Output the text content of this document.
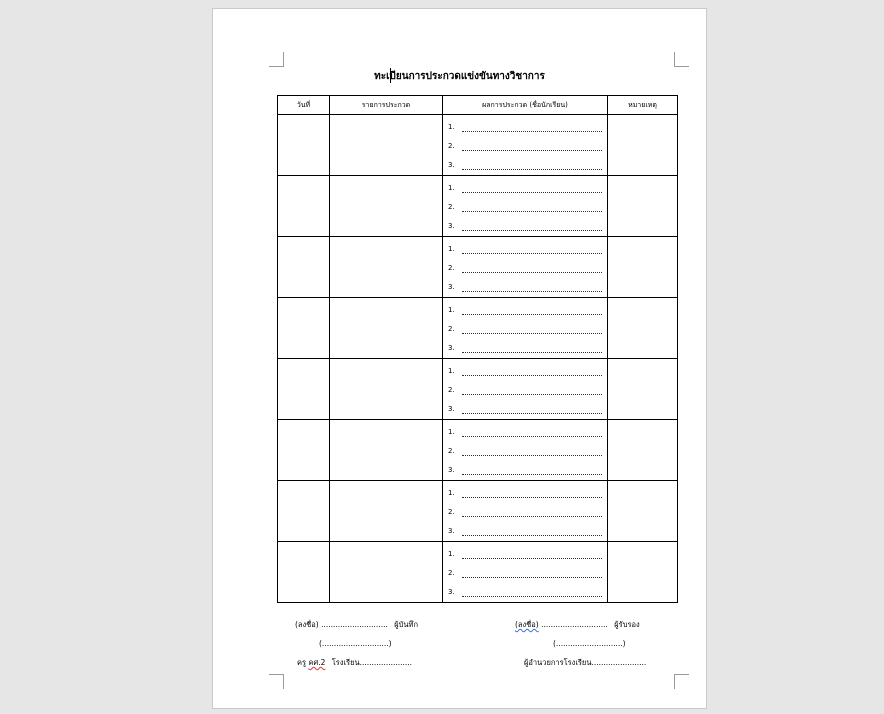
ทะเบียนการประกวดแข่งขันทางวิชาการ
วันที่	รายการประกวด	ผลการประกวด (ชื่อนักเรียน)	หมายเหตุ

		1.
2.
3.	

		1.
2.
3.	

		1.
2.
3.	

		1.
2.
3.	

		1.
2.
3.	

		1.
2.
3.	

		1.
2.
3.	

		1.
2.
3.	

(ลงชื่อ) ............................ ผู้บันทึก
(............................)
ครู คศ.2 โรงเรียน......................
(ลงชื่อ) ............................ ผู้รับรอง
(............................)
ผู้อำนวยการโรงเรียน.......................
